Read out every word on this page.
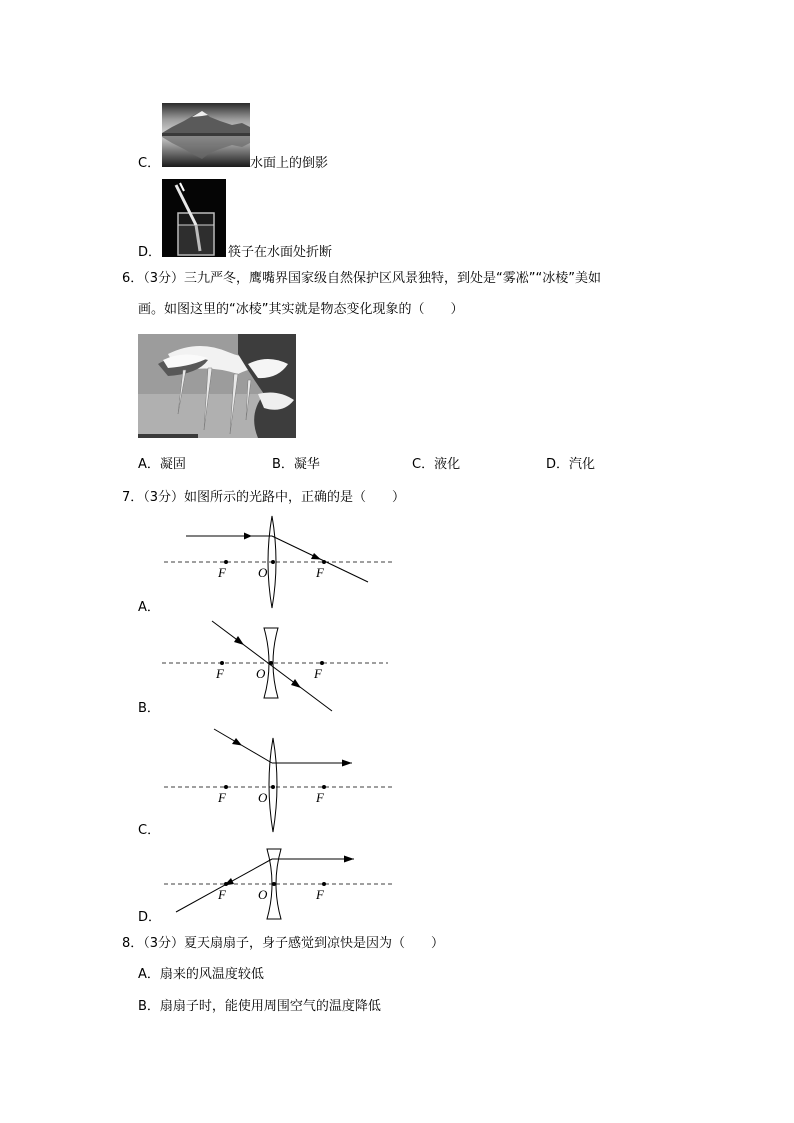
C．	水面上的倒影
D．	筷子在水面处折断
6．（3分）三九严冬，鹰嘴界国家级自然保护区风景独特，到处是“雾凇”“冰棱”美如
画。如图这里的“冰棱”其实就是物态变化现象的（　　）
A．凝固	B．凝华	C．液化	D．汽化
7．（3分）如图所示的光路中，正确的是（　　）
F O	F
A．
F O	F
B．
F O	F
C．
F O	F
D．
8．（3分）夏天扇扇子，身子感觉到凉快是因为（　　）
A．扇来的风温度较低
B．扇扇子时，能使用周围空气的温度降低
